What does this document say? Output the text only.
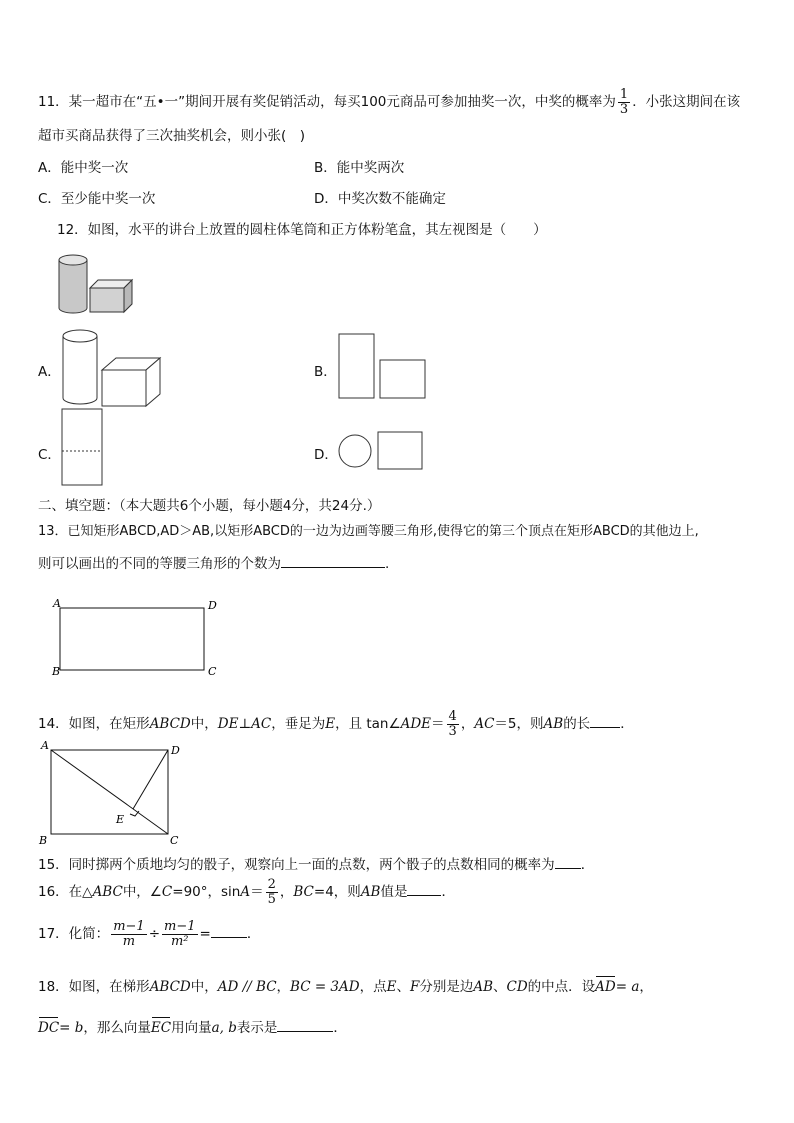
11．某一超市在“五•一”期间开展有奖促销活动，每买100元商品可参加抽奖一次，中奖的概率为 $\frac{1}{3}$ ．小张这期间在该
超市买商品获得了三次抽奖机会，则小张(　)
A．能中奖一次	B．能中奖两次
C．至少能中奖一次	D．中奖次数不能确定
12．如图，水平的讲台上放置的圆柱体笔筒和正方体粉笔盒，其左视图是（　　）
A．	B．
C．	D．
二、填空题：（本大题共6个小题，每小题4分，共24分.）
13．已知矩形ABCD,AD＞AB,以矩形ABCD的一边为边画等腰三角形,使得它的第三个顶点在矩形ABCD的其他边上,
则可以画出的不同的等腰三角形的个数为	.
A	D
B	C
14．如图，在矩形ABCD中，DE⊥AC，垂足为E，且 tan∠ADE＝ $\frac{4}{3}$ ，AC＝5，则AB的长 ．
A	D
B	C
E
15．同时掷两个质地均匀的骰子，观察向上一面的点数，两个骰子的点数相同的概率为 ．
16．在△ABC中，∠C=90°，$\sin A= \frac{2}{5}$ ，BC=4，则AB值是	．
17．化简： $\frac{m-1}{m} \div \frac{m-1}{\text{m²}}$ =	．
18．如图，在梯形ABCD中，AD // BC，BC = 3AD，点E、F分别是边AB、CD的中点．设AD= a，
DC= b，那么向量EC用向量a, b表示是	．
